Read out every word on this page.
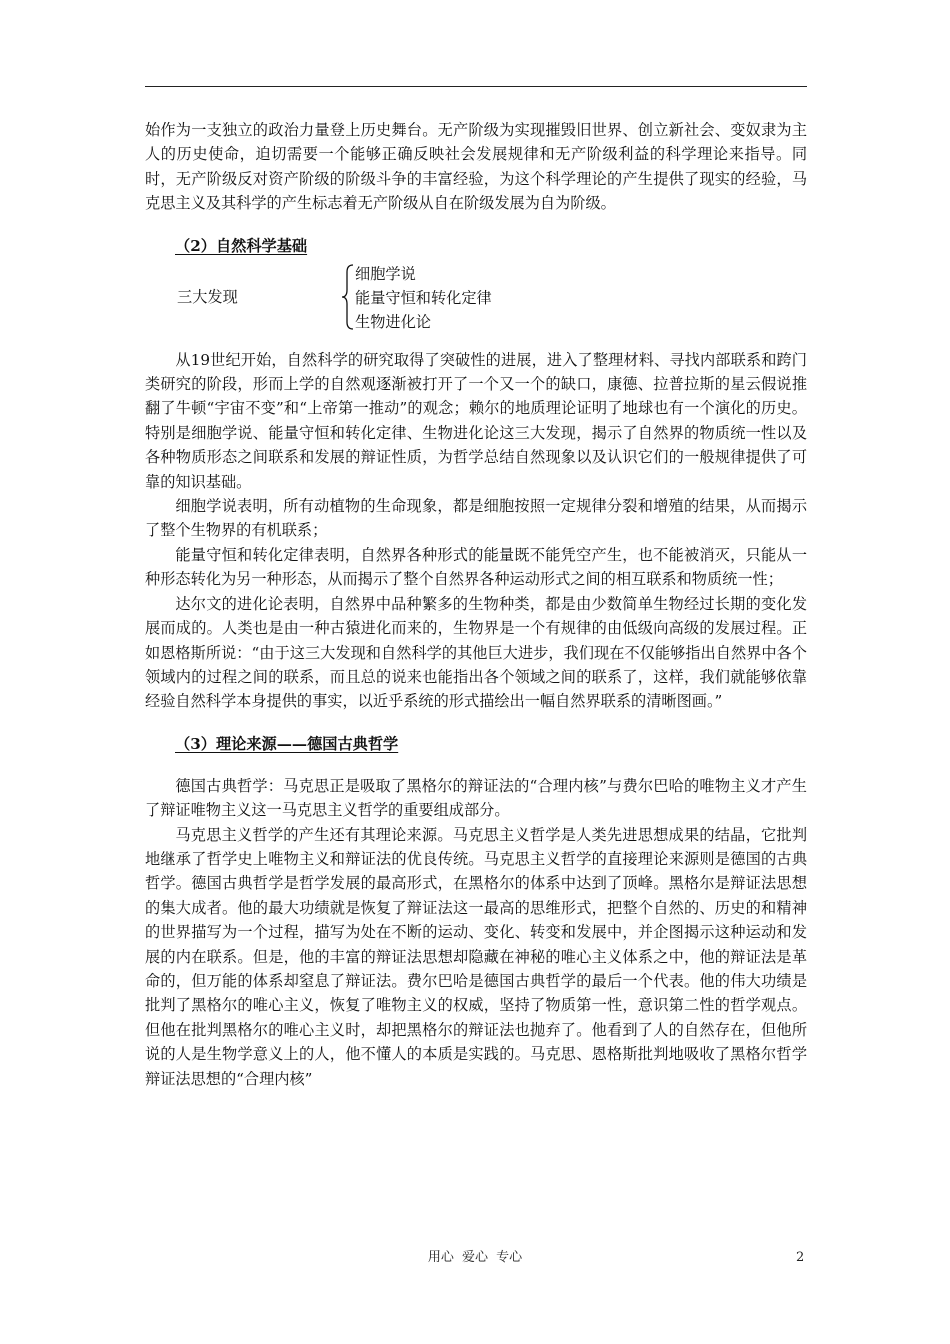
始作为一支独立的政治力量登上历史舞台。无产阶级为实现摧毁旧世界、创立新社会、变奴隶为主人的历史使命，迫切需要一个能够正确反映社会发展规律和无产阶级利益的科学理论来指导。同时，无产阶级反对资产阶级的阶级斗争的丰富经验，为这个科学理论的产生提供了现实的经验，马克思主义及其科学的产生标志着无产阶级从自在阶级发展为自为阶级。

（2）自然科学基础
三大发现
细胞学说
能量守恒和转化定律
生物进化论

从19世纪开始，自然科学的研究取得了突破性的进展，进入了整理材料、寻找内部联系和跨门类研究的阶段，形而上学的自然观逐渐被打开了一个又一个的缺口，康德、拉普拉斯的星云假说推翻了牛顿“宇宙不变”和“上帝第一推动”的观念；赖尔的地质理论证明了地球也有一个演化的历史。特别是细胞学说、能量守恒和转化定律、生物进化论这三大发现，揭示了自然界的物质统一性以及各种物质形态之间联系和发展的辩证性质，为哲学总结自然现象以及认识它们的一般规律提供了可靠的知识基础。

细胞学说表明，所有动植物的生命现象，都是细胞按照一定规律分裂和增殖的结果，从而揭示了整个生物界的有机联系；

能量守恒和转化定律表明，自然界各种形式的能量既不能凭空产生，也不能被消灭，只能从一种形态转化为另一种形态，从而揭示了整个自然界各种运动形式之间的相互联系和物质统一性；

达尔文的进化论表明，自然界中品种繁多的生物种类，都是由少数简单生物经过长期的变化发展而成的。人类也是由一种古猿进化而来的，生物界是一个有规律的由低级向高级的发展过程。正如恩格斯所说：“由于这三大发现和自然科学的其他巨大进步，我们现在不仅能够指出自然界中各个领域内的过程之间的联系，而且总的说来也能指出各个领域之间的联系了，这样，我们就能够依靠经验自然科学本身提供的事实，以近乎系统的形式描绘出一幅自然界联系的清晰图画。”

（3）理论来源——德国古典哲学

德国古典哲学：马克思正是吸取了黑格尔的辩证法的“合理内核”与费尔巴哈的唯物主义才产生了辩证唯物主义这一马克思主义哲学的重要组成部分。

马克思主义哲学的产生还有其理论来源。马克思主义哲学是人类先进思想成果的结晶，它批判地继承了哲学史上唯物主义和辩证法的优良传统。马克思主义哲学的直接理论来源则是德国的古典哲学。德国古典哲学是哲学发展的最高形式，在黑格尔的体系中达到了顶峰。黑格尔是辩证法思想的集大成者。他的最大功绩就是恢复了辩证法这一最高的思维形式，把整个自然的、历史的和精神的世界描写为一个过程，描写为处在不断的运动、变化、转变和发展中，并企图揭示这种运动和发展的内在联系。但是，他的丰富的辩证法思想却隐藏在神秘的唯心主义体系之中，他的辩证法是革命的，但万能的体系却窒息了辩证法。费尔巴哈是德国古典哲学的最后一个代表。他的伟大功绩是批判了黑格尔的唯心主义，恢复了唯物主义的权威，坚持了物质第一性，意识第二性的哲学观点。但他在批判黑格尔的唯心主义时，却把黑格尔的辩证法也抛弃了。他看到了人的自然存在，但他所说的人是生物学意义上的人，他不懂人的本质是实践的。马克思、恩格斯批判地吸收了黑格尔哲学辩证法思想的“合理内核”

用心 爱心 专心	2
